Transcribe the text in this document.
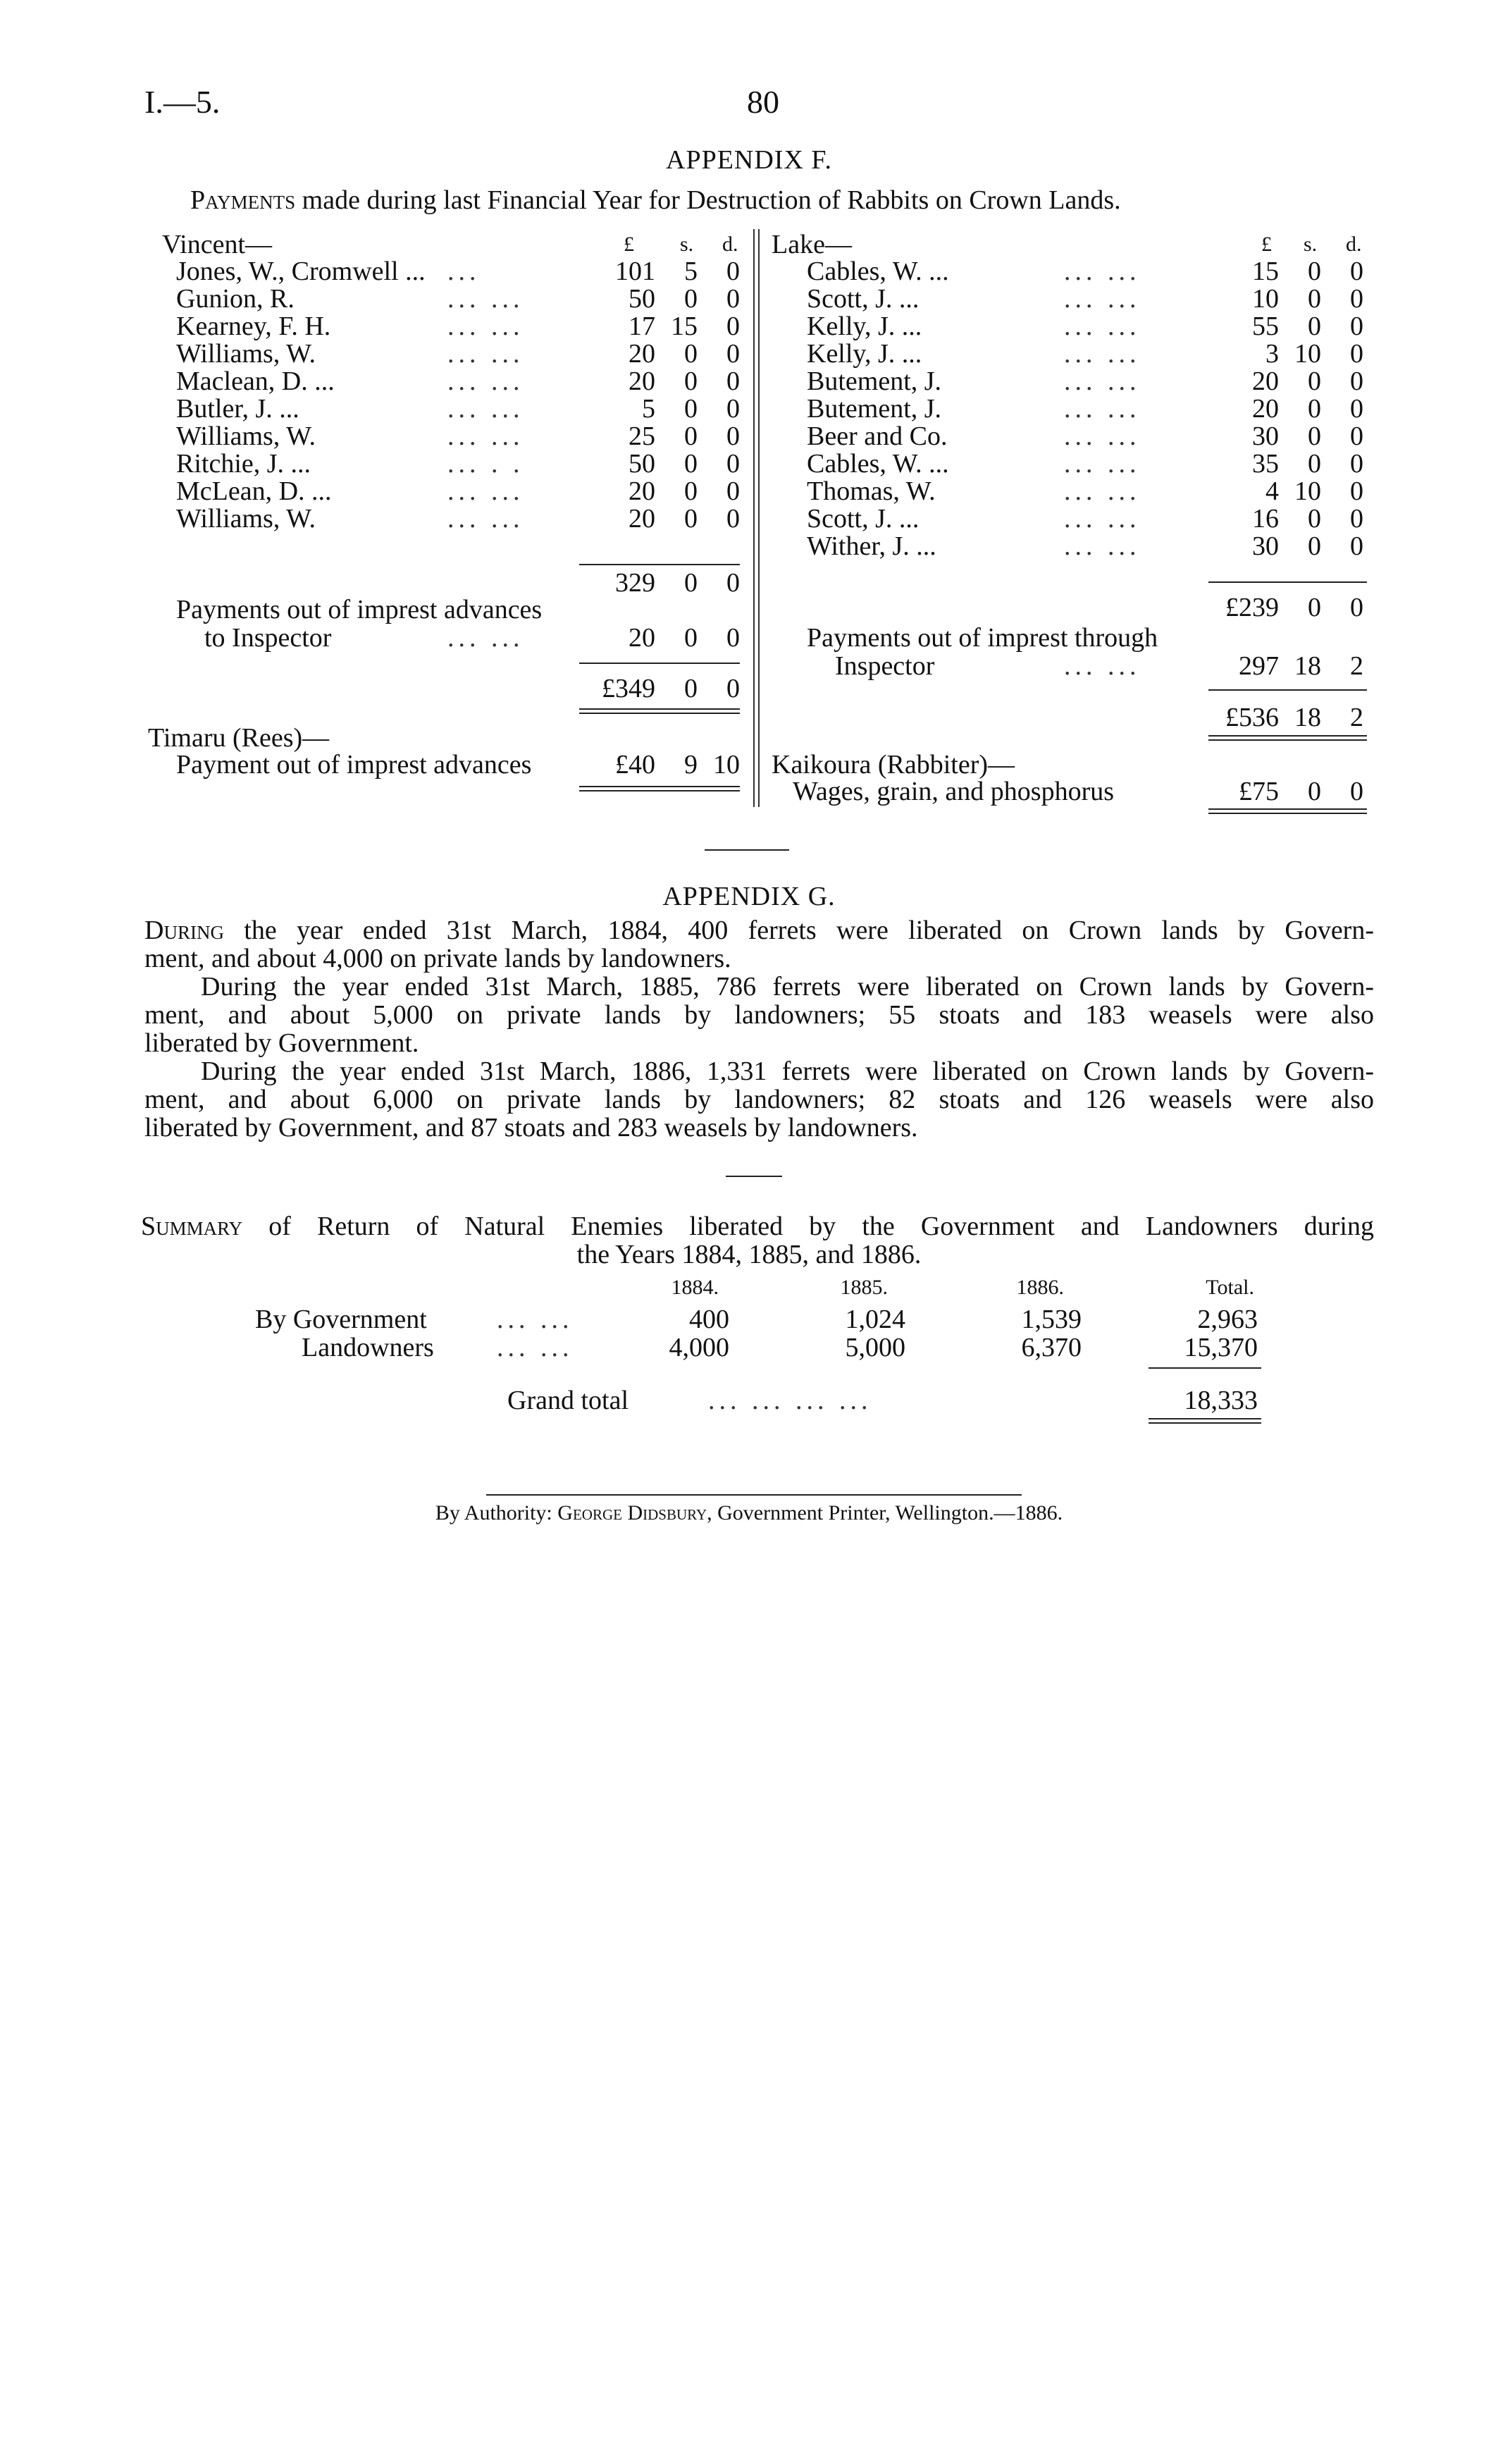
I.—5.	80
APPENDIX F.
Payments made during last Financial Year for Destruction of Rabbits on Crown Lands.
£ s. d.	£ s. d.
Vincent—
Jones, W., Cromwell ... ...	101	5	0
Gunion, R.	... ...	50	0	0
Kearney, F. H.	... ...	17 15	0
Williams, W.	... ...	20	0	0
Maclean, D. ...	... ...	20	0	0
Butler, J. ...	... ...	5	0	0
Williams, W.	... ...	25	0	0
Ritchie, J. ...	... . .	50	0	0
McLean, D. ...	... ...	20	0	0
Williams, W.	... ...	20	0	0
329	0	0
Payments out of imprest advances
to Inspector	... ...	20	0	0
£349	0	0
Timaru (Rees)—
Payment out of imprest advances	£40	9 10
Lake—
Cables, W. ...	... ...	15	0	0
Scott, J. ...	... ...	10	0	0
Kelly, J. ...	... ...	55	0	0
Kelly, J. ...	... ...	3 10	0
Butement, J.	... ...	20	0	0
Butement, J.	... ...	20	0	0
Beer and Co.	... ...	30	0	0
Cables, W. ...	... ...	35	0	0
Thomas, W.	... ...	4 10	0
Scott, J. ...	... ...	16	0	0
Wither, J. ...	... ...	30	0	0
£239	0	0
Payments out of imprest through
Inspector	... ...	297 18	2
£536 18	2
Kaikoura (Rabbiter)—
Wages, grain, and phosphorus	£75	0	0
APPENDIX G.
During the year ended 31st March, 1884, 400 ferrets were liberated on Crown lands by Govern-
ment, and about 4,000 on private lands by landowners.
During the year ended 31st March, 1885, 786 ferrets were liberated on Crown lands by Govern-
ment, and about 5,000 on private lands by landowners; 55 stoats and 183 weasels were also
liberated by Government.
During the year ended 31st March, 1886, 1,331 ferrets were liberated on Crown lands by Govern-
ment, and about 6,000 on private lands by landowners; 82 stoats and 126 weasels were also
liberated by Government, and 87 stoats and 283 weasels by landowners.
Summary of Return of Natural Enemies liberated by the Government and Landowners during
the Years 1884, 1885, and 1886.
1884.	1885.	1886.	Total.
By Government	... ...	400	1,024	1,539	2,963
Landowners ... ...	4,000	5,000	6,370	15,370
Grand total	... ... ... ...	18,333
By Authority: George Didsbury, Government Printer, Wellington.—1886.
